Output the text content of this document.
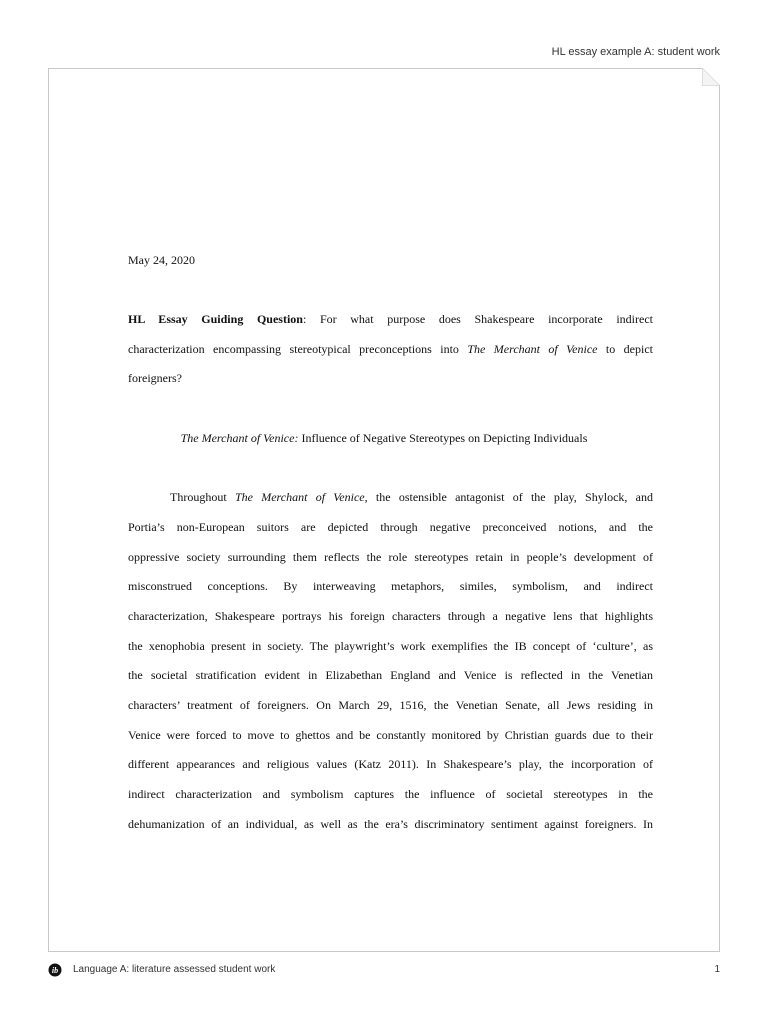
HL essay example A: student work
May 24, 2020
HL Essay Guiding Question: For what purpose does Shakespeare incorporate indirect
characterization encompassing stereotypical preconceptions into The Merchant of Venice to depict
foreigners?
The Merchant of Venice: Influence of Negative Stereotypes on Depicting Individuals
Throughout The Merchant of Venice, the ostensible antagonist of the play, Shylock, and
Portia’s non-European suitors are depicted through negative preconceived notions, and the
oppressive society surrounding them reflects the role stereotypes retain in people’s development of
misconstrued conceptions. By interweaving metaphors, similes, symbolism, and indirect
characterization, Shakespeare portrays his foreign characters through a negative lens that highlights
the xenophobia present in society. The playwright’s work exemplifies the IB concept of ‘culture’, as
the societal stratification evident in Elizabethan England and Venice is reflected in the Venetian
characters’ treatment of foreigners. On March 29, 1516, the Venetian Senate, all Jews residing in
Venice were forced to move to ghettos and be constantly monitored by Christian guards due to their
different appearances and religious values (Katz 2011). In Shakespeare’s play, the incorporation of
indirect characterization and symbolism captures the influence of societal stereotypes in the
dehumanization of an individual, as well as the era’s discriminatory sentiment against foreigners. In
ib Language A: literature assessed student work	1
